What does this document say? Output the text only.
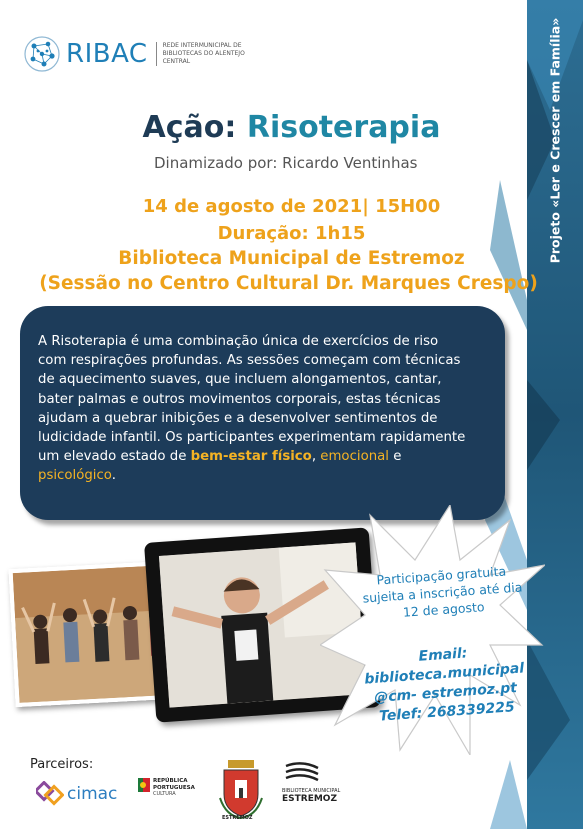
Projeto «Ler e Crescer em Família»
RIBAC	REDE INTERMUNICIPAL DE BIBLIOTECAS DO ALENTEJO CENTRAL
Ação: Risoterapia
Dinamizado por: Ricardo Ventinhas
14 de agosto de 2021| 15H00
Duração: 1h15
Biblioteca Municipal de Estremoz
(Sessão no Centro Cultural Dr. Marques Crespo)
A Risoterapia é uma combinação única de exercícios de riso com respirações profundas. As sessões começam com técnicas de aquecimento suaves, que incluem alongamentos, cantar, bater palmas e outros movimentos corporais, estas técnicas ajudam a quebrar inibições e a desenvolver sentimentos de ludicidade infantil. Os participantes experimentam rapidamente um elevado estado de bem-estar físico, emocional e psicológico.
Participação gratuita sujeita a inscrição até dia 12 de agosto
Email:
biblioteca.municipal
@cm- estremoz.pt
Telef: 268339225
Parceiros:
cimac
REPÚBLICA
PORTUGUESA
CULTURA
ESTREMOZ
BIBLIOTECA MUNICIPAL
ESTREMOZ
